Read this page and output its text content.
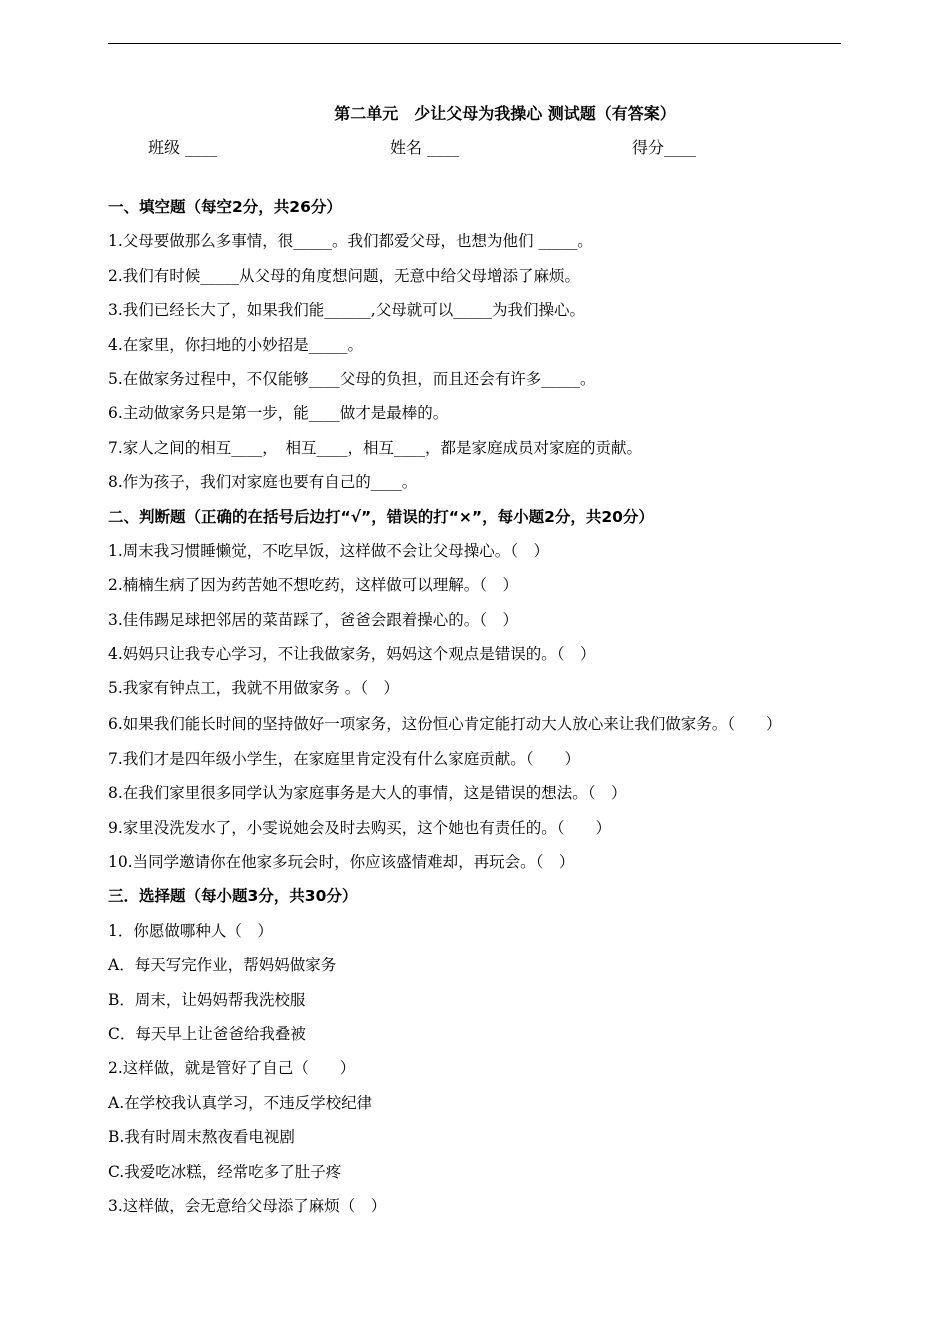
第二单元　少让父母为我操心 测试题（有答案）
班级 ____	姓名 ____	得分____
一、填空题（每空2分，共26分）
1.父母要做那么多事情，很_____。我们都爱父母，也想为他们 _____。
2.我们有时候_____从父母的角度想问题，无意中给父母增添了麻烦。
3.我们已经长大了，如果我们能______,父母就可以_____为我们操心。
4.在家里，你扫地的小妙招是_____。
5.在做家务过程中，不仅能够____父母的负担，而且还会有许多_____。
6.主动做家务只是第一步，能____做才是最棒的。
7.家人之间的相互____，　相互____，相互____，都是家庭成员对家庭的贡献。
8.作为孩子，我们对家庭也要有自己的____。
二、判断题（正确的在括号后边打“√”，错误的打“×”，每小题2分，共20分）
1.周末我习惯睡懒觉，不吃早饭，这样做不会让父母操心。（　）
2.楠楠生病了因为药苦她不想吃药，这样做可以理解。（　）
3.佳伟踢足球把邻居的菜苗踩了，爸爸会跟着操心的。（　）
4.妈妈只让我专心学习，不让我做家务，妈妈这个观点是错误的。（　）
5.我家有钟点工，我就不用做家务 。（　）
6.如果我们能长时间的坚持做好一项家务，这份恒心肯定能打动大人放心来让我们做家务。（　　）
7.我们才是四年级小学生，在家庭里肯定没有什么家庭贡献。（　　）
8.在我们家里很多同学认为家庭事务是大人的事情，这是错误的想法。（　）
9.家里没洗发水了，小雯说她会及时去购买，这个她也有责任的。（　　）
10.当同学邀请你在他家多玩会时，你应该盛情难却，再玩会。（　）
三．选择题（每小题3分，共30分）
1．你愿做哪种人（　）
A．每天写完作业，帮妈妈做家务
B．周末，让妈妈帮我洗校服
C．每天早上让爸爸给我叠被
2.这样做，就是管好了自己（　　）
A.在学校我认真学习，不违反学校纪律
B.我有时周末熬夜看电视剧
C.我爱吃冰糕，经常吃多了肚子疼
3.这样做，会无意给父母添了麻烦（　）
